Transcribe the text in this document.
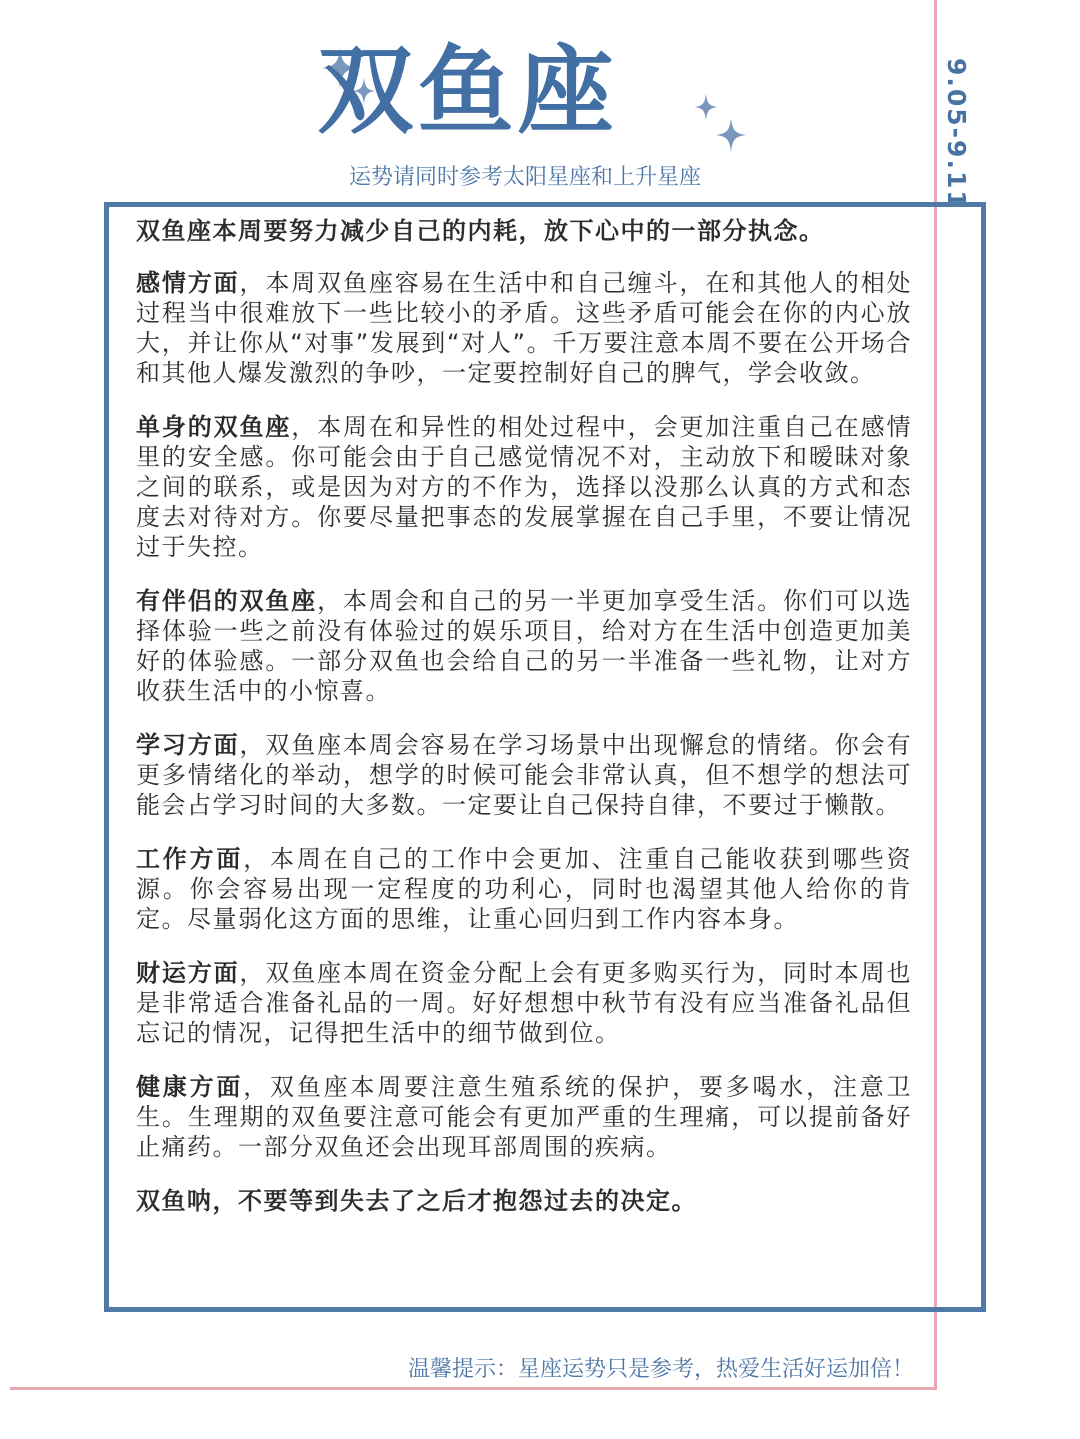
9.05-9.11
双鱼座
运势请同时参考太阳星座和上升星座

双鱼座本周要努力减少自己的内耗，放下心中的一部分执念。

感情方面，本周双鱼座容易在生活中和自己缠斗，在和其他人的相处过程当中很难放下一些比较小的矛盾。这些矛盾可能会在你的内心放大，并让你从“对事”发展到“对人”。千万要注意本周不要在公开场合和其他人爆发激烈的争吵，一定要控制好自己的脾气，学会收敛。

单身的双鱼座，本周在和异性的相处过程中，会更加注重自己在感情里的安全感。你可能会由于自己感觉情况不对，主动放下和暧昧对象之间的联系，或是因为对方的不作为，选择以没那么认真的方式和态度去对待对方。你要尽量把事态的发展掌握在自己手里，不要让情况过于失控。

有伴侣的双鱼座，本周会和自己的另一半更加享受生活。你们可以选择体验一些之前没有体验过的娱乐项目，给对方在生活中创造更加美好的体验感。一部分双鱼也会给自己的另一半准备一些礼物，让对方收获生活中的小惊喜。

学习方面，双鱼座本周会容易在学习场景中出现懈怠的情绪。你会有更多情绪化的举动，想学的时候可能会非常认真，但不想学的想法可能会占学习时间的大多数。一定要让自己保持自律，不要过于懒散。

工作方面，本周在自己的工作中会更加、注重自己能收获到哪些资源。你会容易出现一定程度的功利心，同时也渴望其他人给你的肯定。尽量弱化这方面的思维，让重心回归到工作内容本身。

财运方面，双鱼座本周在资金分配上会有更多购买行为，同时本周也是非常适合准备礼品的一周。好好想想中秋节有没有应当准备礼品但忘记的情况，记得把生活中的细节做到位。

健康方面，双鱼座本周要注意生殖系统的保护，要多喝水，注意卫生。生理期的双鱼要注意可能会有更加严重的生理痛，可以提前备好止痛药。一部分双鱼还会出现耳部周围的疾病。

双鱼呐，不要等到失去了之后才抱怨过去的决定。

温馨提示：星座运势只是参考，热爱生活好运加倍！
